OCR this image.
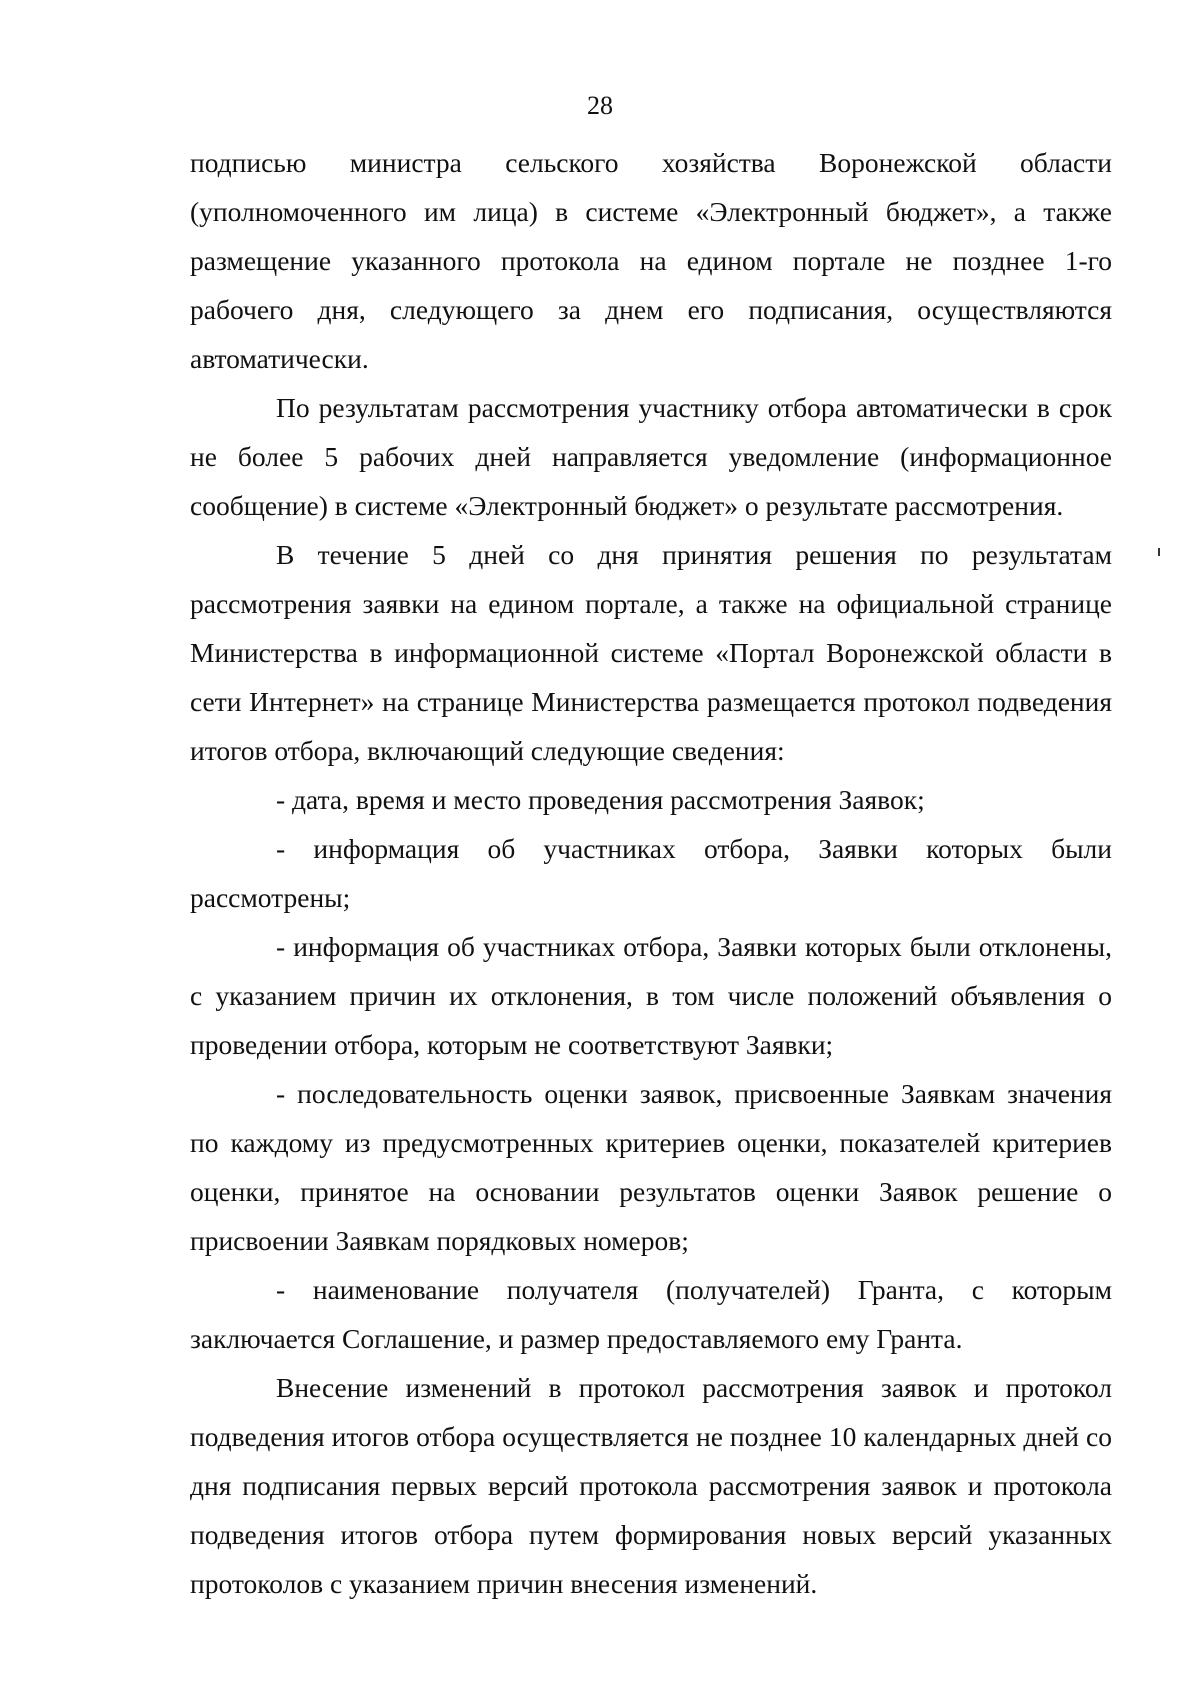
28

подписью министра сельского хозяйства Воронежской области (уполномоченного им лица) в системе «Электронный бюджет», а также размещение указанного протокола на едином портале не позднее 1-го рабочего дня, следующего за днем его подписания, осуществляются автоматически.

По результатам рассмотрения участнику отбора автоматически в срок не более 5 рабочих дней направляется уведомление (информационное сообщение) в системе «Электронный бюджет» о результате рассмотрения.

В течение 5 дней со дня принятия решения по результатам рассмотрения заявки на едином портале, а также на официальной странице Министерства в информационной системе «Портал Воронежской области в сети Интернет» на странице Министерства размещается протокол подведения итогов отбора, включающий следующие сведения:

- дата, время и место проведения рассмотрения Заявок;

- информация об участниках отбора, Заявки которых были рассмотрены;

- информация об участниках отбора, Заявки которых были отклонены, с указанием причин их отклонения, в том числе положений объявления о проведении отбора, которым не соответствуют Заявки;

- последовательность оценки заявок, присвоенные Заявкам значения по каждому из предусмотренных критериев оценки, показателей критериев оценки, принятое на основании результатов оценки Заявок решение о присвоении Заявкам порядковых номеров;

- наименование получателя (получателей) Гранта, с которым заключается Соглашение, и размер предоставляемого ему Гранта.

Внесение изменений в протокол рассмотрения заявок и протокол подведения итогов отбора осуществляется не позднее 10 календарных дней со дня подписания первых версий протокола рассмотрения заявок и протокола подведения итогов отбора путем формирования новых версий указанных протоколов с указанием причин внесения изменений.
